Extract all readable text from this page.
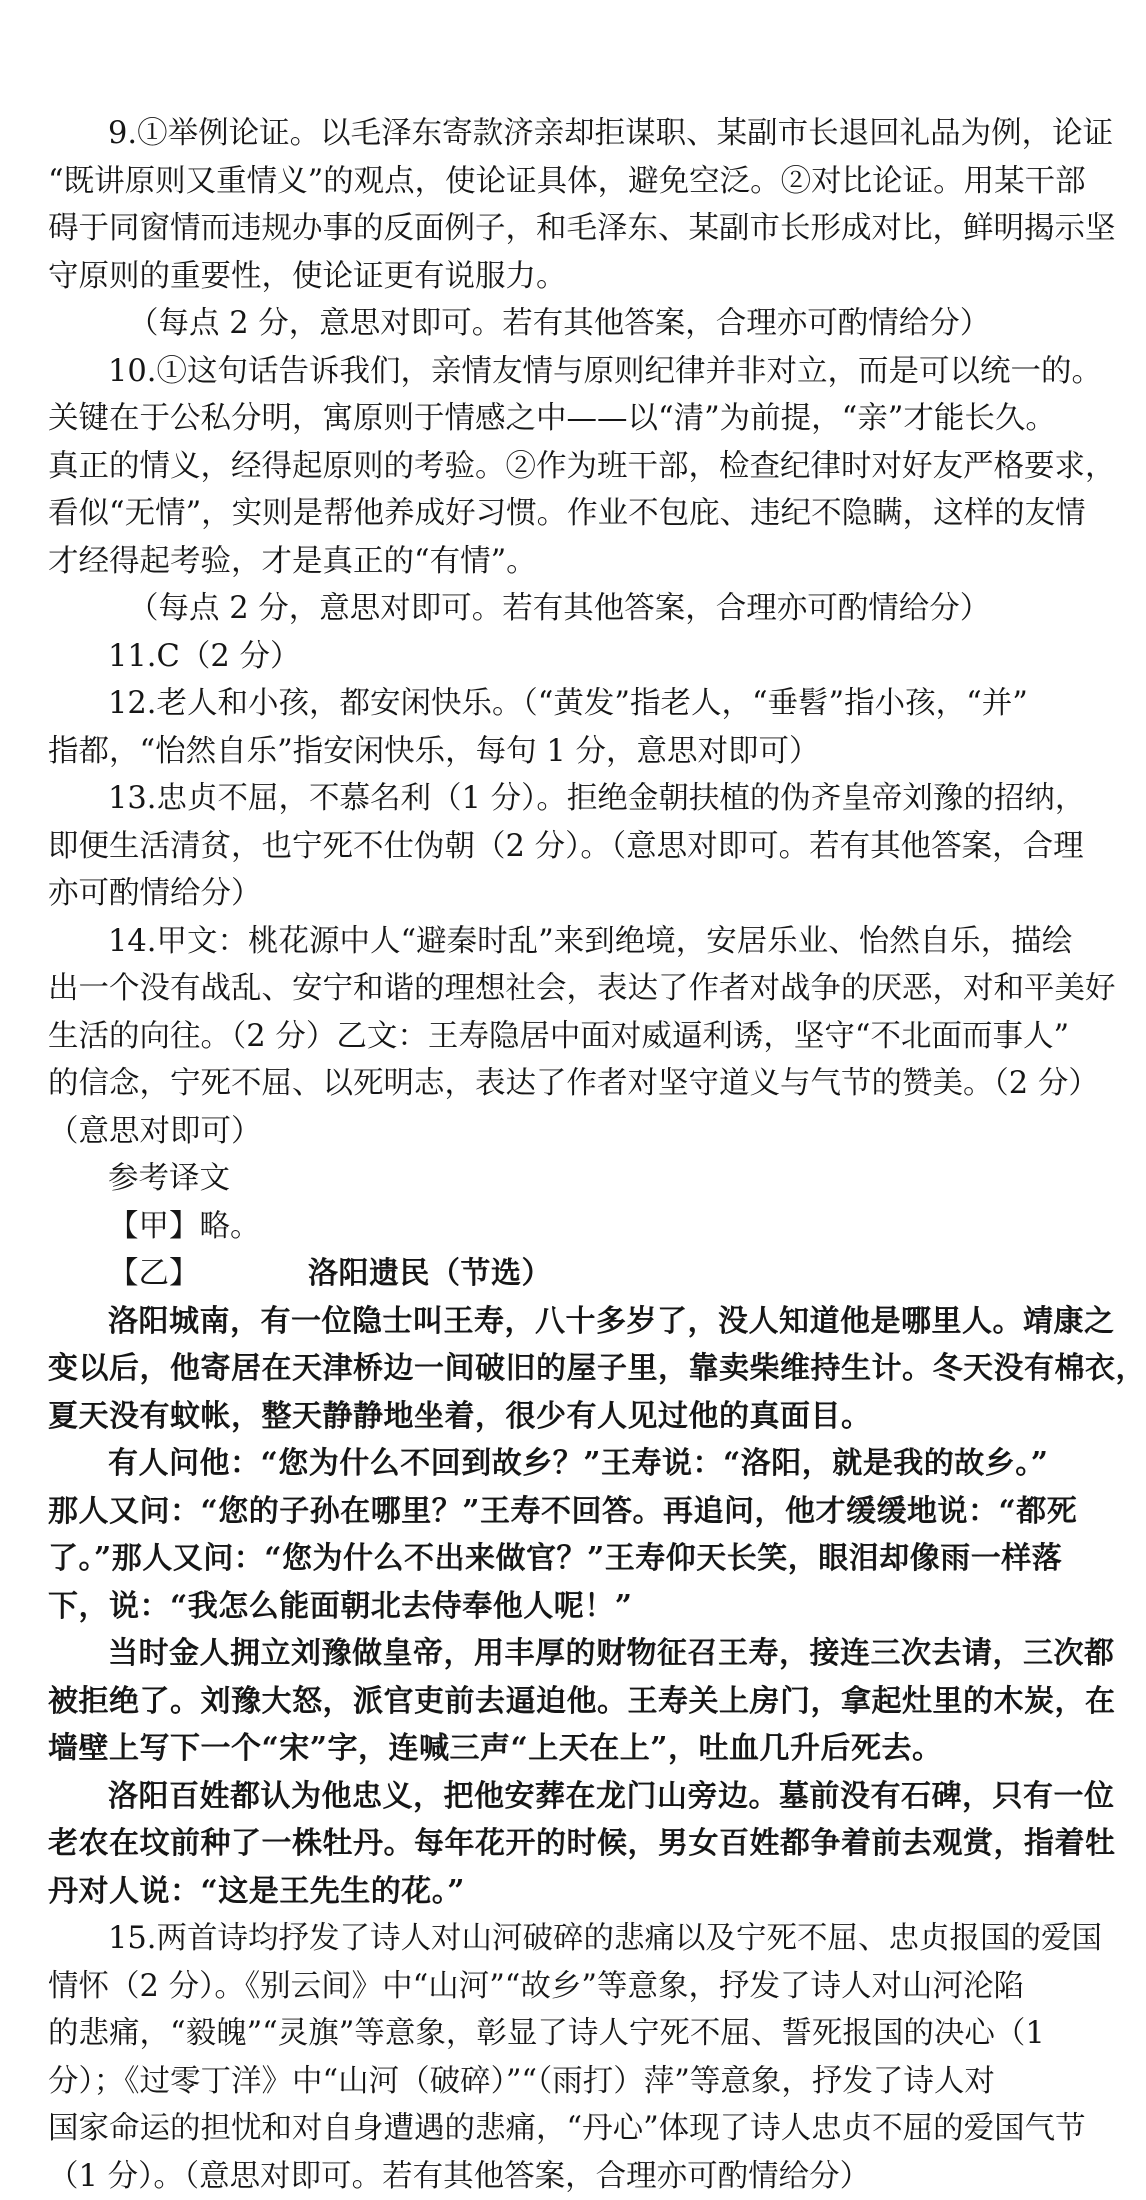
9.①举例论证。以毛泽东寄款济亲却拒谋职、某副市长退回礼品为例，论证
“既讲原则又重情义”的观点，使论证具体，避免空泛。②对比论证。用某干部
碍于同窗情而违规办事的反面例子，和毛泽东、某副市长形成对比，鲜明揭示坚
守原则的重要性，使论证更有说服力。
（每点 2 分，意思对即可。若有其他答案，合理亦可酌情给分）
10.①这句话告诉我们，亲情友情与原则纪律并非对立，而是可以统一的。
关键在于公私分明，寓原则于情感之中——以“清”为前提，“亲”才能长久。
真正的情义，经得起原则的考验。②作为班干部，检查纪律时对好友严格要求，
看似“无情”，实则是帮他养成好习惯。作业不包庇、违纪不隐瞒，这样的友情
才经得起考验，才是真正的“有情”。
（每点 2 分，意思对即可。若有其他答案，合理亦可酌情给分）
11.C（2 分）
12.老人和小孩，都安闲快乐。（“黄发”指老人，“垂髫”指小孩，“并”
指都，“怡然自乐”指安闲快乐，每句 1 分，意思对即可）
13.忠贞不屈，不慕名利（1 分）。拒绝金朝扶植的伪齐皇帝刘豫的招纳，
即便生活清贫，也宁死不仕伪朝（2 分）。（意思对即可。若有其他答案，合理
亦可酌情给分）
14.甲文：桃花源中人“避秦时乱”来到绝境，安居乐业、怡然自乐，描绘
出一个没有战乱、安宁和谐的理想社会，表达了作者对战争的厌恶，对和平美好
生活的向往。（2 分）乙文：王寿隐居中面对威逼利诱，坚守“不北面而事人”
的信念，宁死不屈、以死明志，表达了作者对坚守道义与气节的赞美。（2 分）
（意思对即可）
参考译文
【甲】略。
【乙】	洛阳遗民（节选）
洛阳城南，有一位隐士叫王寿，八十多岁了，没人知道他是哪里人。靖康之
变以后，他寄居在天津桥边一间破旧的屋子里，靠卖柴维持生计。冬天没有棉衣，
夏天没有蚊帐，整天静静地坐着，很少有人见过他的真面目。
有人问他：“您为什么不回到故乡？”王寿说：“洛阳，就是我的故乡。”
那人又问：“您的子孙在哪里？”王寿不回答。再追问，他才缓缓地说：“都死
了。”那人又问：“您为什么不出来做官？”王寿仰天长笑，眼泪却像雨一样落
下，说：“我怎么能面朝北去侍奉他人呢！”
当时金人拥立刘豫做皇帝，用丰厚的财物征召王寿，接连三次去请，三次都
被拒绝了。刘豫大怒，派官吏前去逼迫他。王寿关上房门，拿起灶里的木炭，在
墙壁上写下一个“宋”字，连喊三声“上天在上”，吐血几升后死去。
洛阳百姓都认为他忠义，把他安葬在龙门山旁边。墓前没有石碑，只有一位
老农在坟前种了一株牡丹。每年花开的时候，男女百姓都争着前去观赏，指着牡
丹对人说：“这是王先生的花。”
15.两首诗均抒发了诗人对山河破碎的悲痛以及宁死不屈、忠贞报国的爱国
情怀（2 分）。《别云间》中“山河”“故乡”等意象，抒发了诗人对山河沦陷
的悲痛，“毅魄”“灵旗”等意象，彰显了诗人宁死不屈、誓死报国的决心（1
分）；《过零丁洋》中“山河（破碎）”“（雨打）萍”等意象，抒发了诗人对
国家命运的担忧和对自身遭遇的悲痛，“丹心”体现了诗人忠贞不屈的爱国气节
（1 分）。（意思对即可。若有其他答案，合理亦可酌情给分）
